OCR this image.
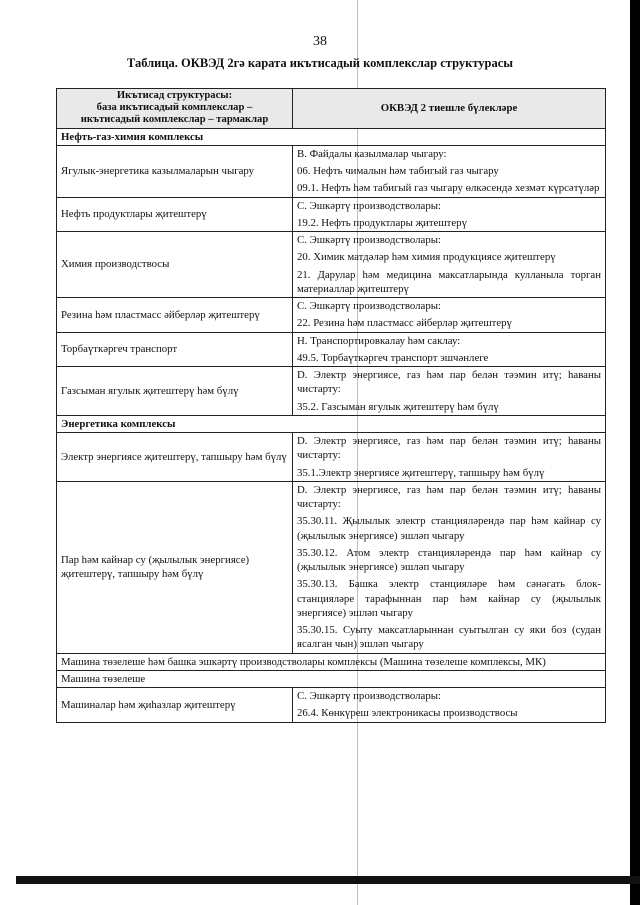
38
Таблица. ОКВЭД 2гә карата икътисадый комплекслар структурасы
Икътисад структурасы:
база икътисадый комплекслар –
икътисадый комплекслар – тармаклар	ОКВЭД 2 тиешле бүлекләре
Нефть-газ-химия комплексы	
Ягулык-энергетика казылмаларын чыгару	B. Файдалы казылмалар чыгару:
06. Нефть чималын һәм табигый газ чыгару
09.1. Нефть һәм табигый газ чыгару өлкәсендә хезмәт күрсәтүләр

Нефть продуктлары җитештерү	C. Эшкәртү производстволары:
19.2. Нефть продуктлары җитештерү

Химия производствосы	C. Эшкәртү производстволары:
20. Химик матдәләр һәм химия продукциясе җитештерү
21. Дарулар һәм медицина максатларында кулланыла торган материаллар җитештерү

Резина һәм пластмасс әйберләр җитештерү	C. Эшкәртү производстволары:
22. Резина һәм пластмасс әйберләр җитештерү

Торбаүткәргеч транспорт	H. Транспортировкалау һәм саклау:
49.5. Торбаүткәргеч транспорт эшчәнлеге

Газсыман ягулык җитештерү һәм бүлү	D. Электр энергиясе, газ һәм пар белән тәэмин итү; һаваны чистарту:
35.2. Газсыман ягулык җитештерү һәм бүлү

Энергетика комплексы	
Электр энергиясе җитештерү, тапшыру һәм бүлү	D. Электр энергиясе, газ һәм пар белән тәэмин итү; һаваны чистарту:
35.1.Электр энергиясе җитештерү, тапшыру һәм бүлү

Пар һәм кайнар су (җылылык энергиясе) җитештерү, тапшыру һәм бүлү	D. Электр энергиясе, газ һәм пар белән тәэмин итү; һаваны чистарту:
35.30.11. Җылылык электр станцияләрендә пар һәм кайнар су (җылылык энергиясе) эшләп чыгару
35.30.12. Атом электр станцияләрендә пар һәм кайнар су (җылылык энергиясе) эшләп чыгару
35.30.13. Башка электр станцияләре һәм сәнәгать блок-станцияләре тарафыннан пар һәм кайнар су (җылылык энергиясе) эшләп чыгару
35.30.15. Суыту максатларыннан суытылган су яки боз (судан ясалган чын) эшләп чыгару

Машина төзелеше һәм башка эшкәртү производстволары комплексы (Машина төзелеше комплексы, МК)	
Машина төзелеше	
Машиналар һәм җиһазлар җитештерү	C. Эшкәртү производстволары:
26.4. Көнкүреш электроникасы производствосы
